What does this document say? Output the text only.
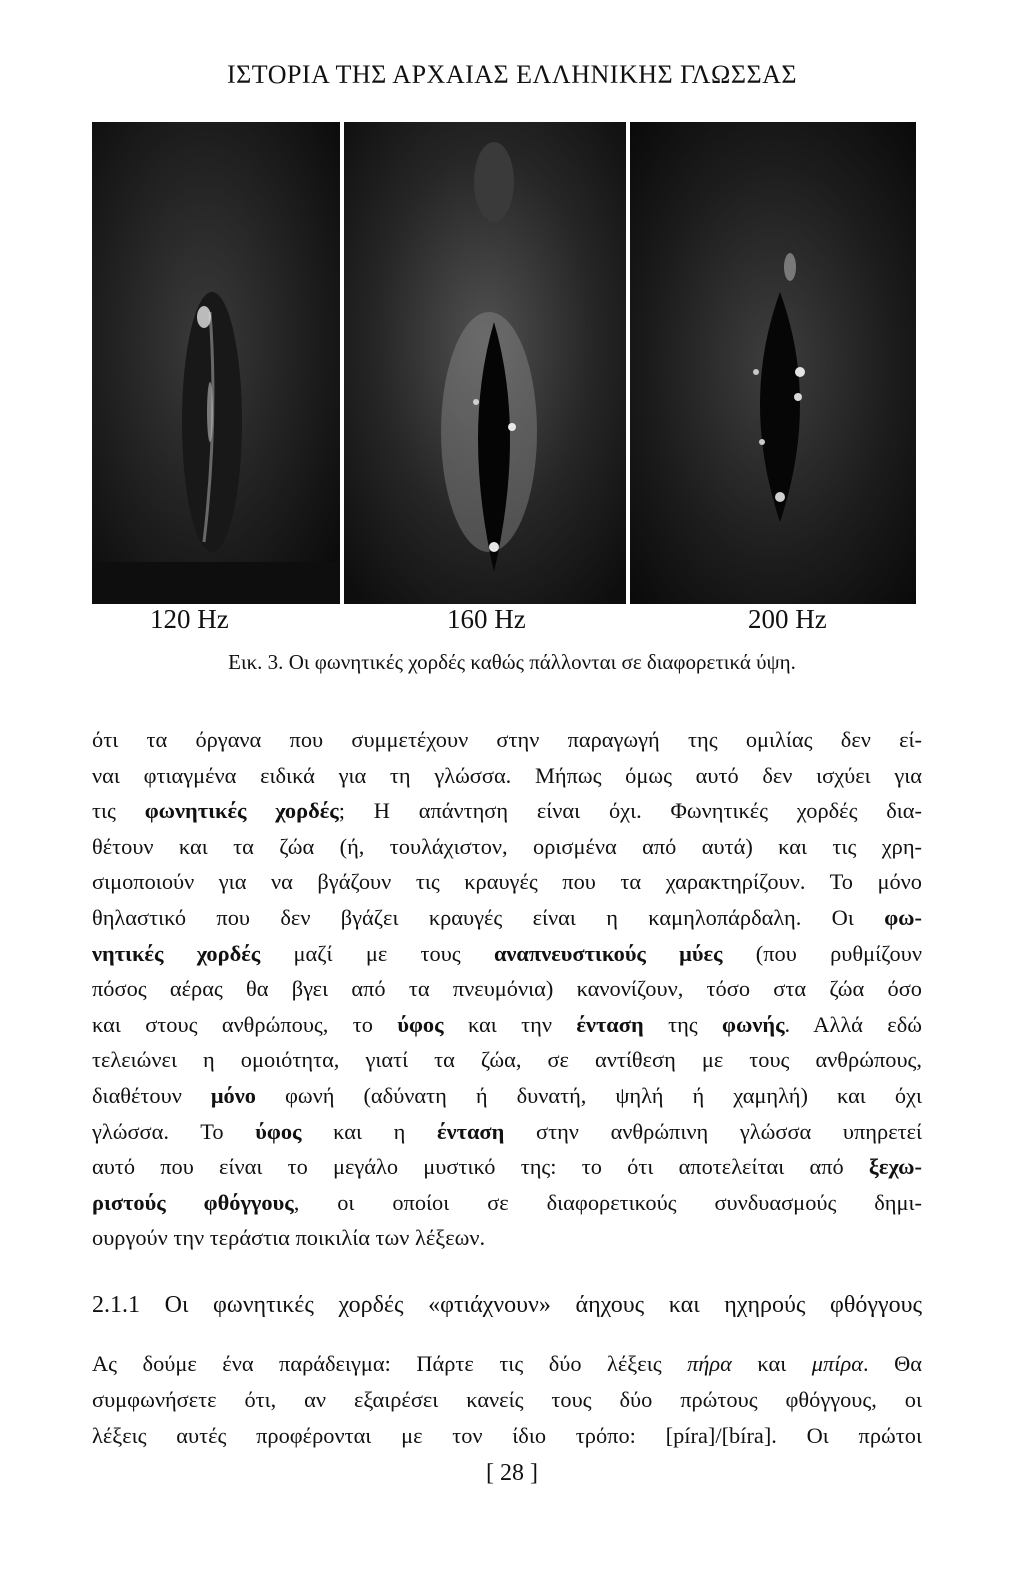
ΙΣΤΟΡΙΑ ΤΗΣ ΑΡΧΑΙΑΣ ΕΛΛΗΝΙΚΗΣ ΓΛΩΣΣΑΣ
120 Hz	160 Hz	200 Hz
Εικ. 3. Οι φωνητικές χορδές καθώς πάλλονται σε διαφορετικά ύψη.
ότι τα όργανα που συμμετέχουν στην παραγωγή της ομιλίας δεν εί-
ναι φτιαγμένα ειδικά για τη γλώσσα. Μήπως όμως αυτό δεν ισχύει για
τις φωνητικές χορδές; Η απάντηση είναι όχι. Φωνητικές χορδές δια-
θέτουν και τα ζώα (ή, τουλάχιστον, ορισμένα από αυτά) και τις χρη-
σιμοποιούν για να βγάζουν τις κραυγές που τα χαρακτηρίζουν. Το μόνο
θηλαστικό που δεν βγάζει κραυγές είναι η καμηλοπάρδαλη. Οι φω-
νητικές χορδές μαζί με τους αναπνευστικούς μύες (που ρυθμίζουν
πόσος αέρας θα βγει από τα πνευμόνια) κανονίζουν, τόσο στα ζώα όσο
και στους ανθρώπους, το ύφος και την ένταση της φωνής. Αλλά εδώ
τελειώνει η ομοιότητα, γιατί τα ζώα, σε αντίθεση με τους ανθρώπους,
διαθέτουν μόνο φωνή (αδύνατη ή δυνατή, ψηλή ή χαμηλή) και όχι
γλώσσα. Το ύφος και η ένταση στην ανθρώπινη γλώσσα υπηρετεί
αυτό που είναι το μεγάλο μυστικό της: το ότι αποτελείται από ξεχω-
ριστούς φθόγγους, οι οποίοι σε διαφορετικούς συνδυασμούς δημι-
ουργούν την τεράστια ποικιλία των λέξεων.
2.1.1 Οι φωνητικές χορδές «φτιάχνουν» άηχους και ηχηρούς φθόγγους
Ας δούμε ένα παράδειγμα: Πάρτε τις δύο λέξεις πήρα και μπίρα. Θα
συμφωνήσετε ότι, αν εξαιρέσει κανείς τους δύο πρώτους φθόγγους, οι
λέξεις αυτές προφέρονται με τον ίδιο τρόπο: [píra]/[bíra]. Οι πρώτοι
[ 28 ]
